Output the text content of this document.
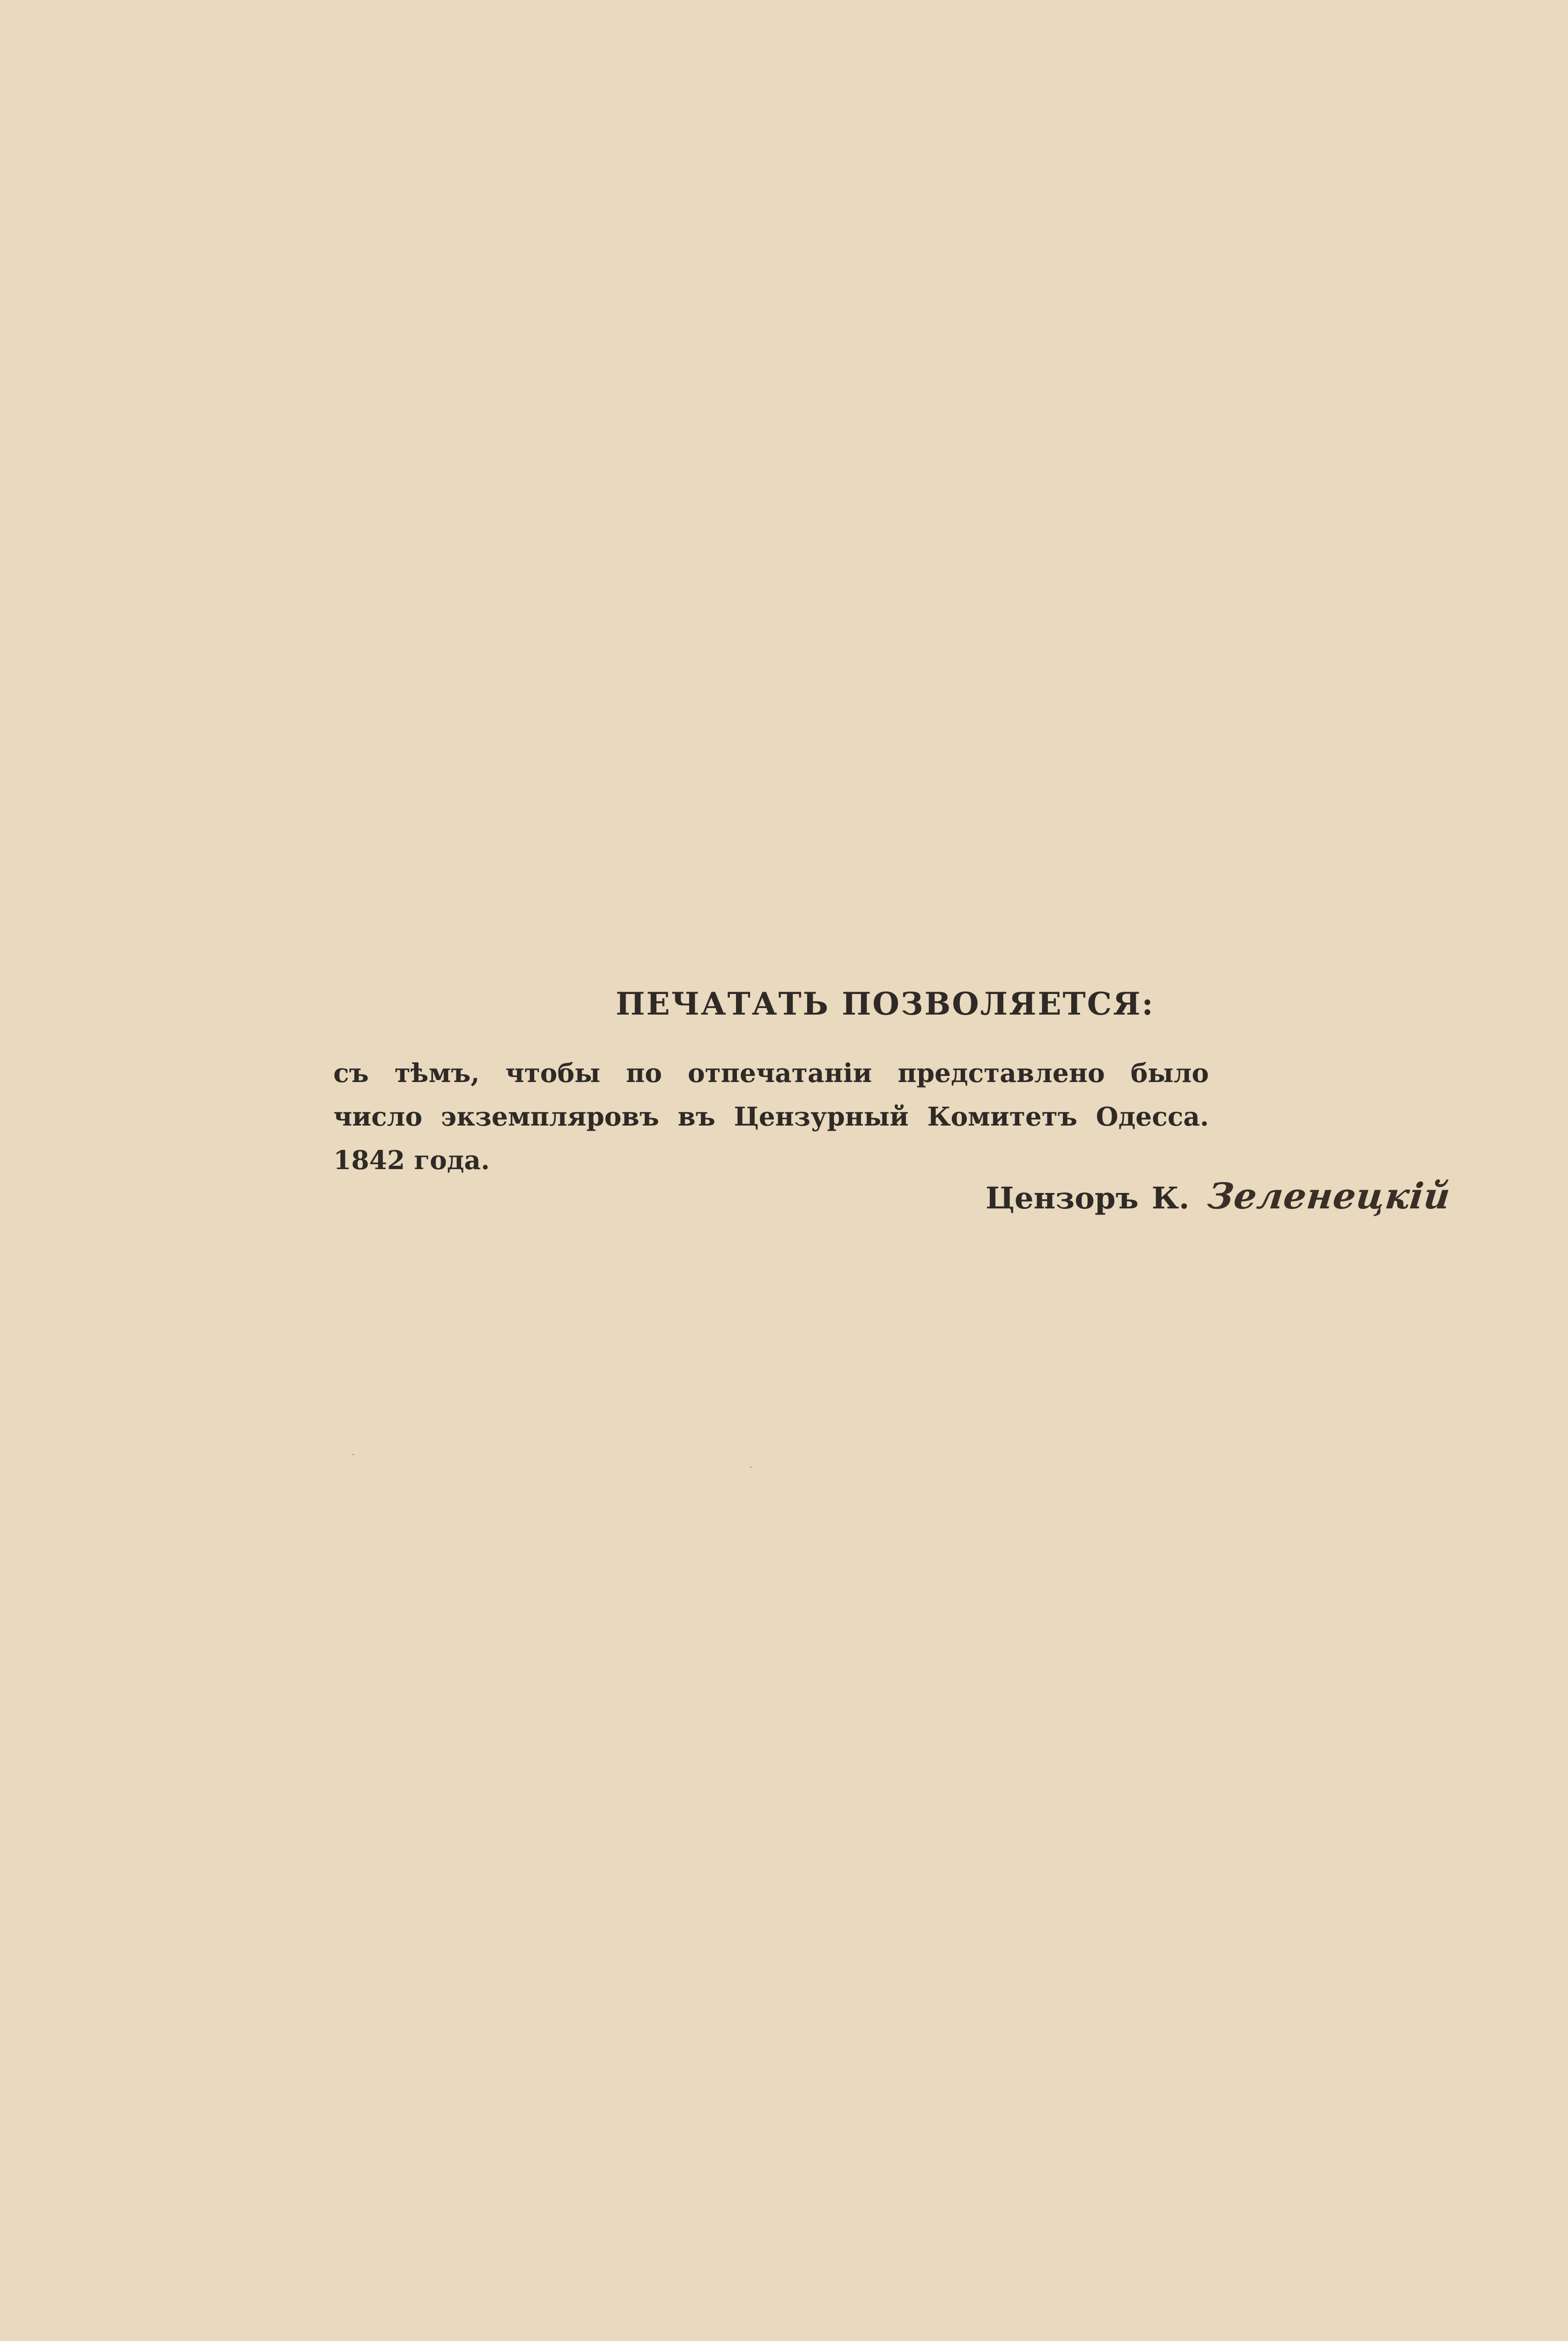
ПЕЧАТАТЬ ПОЗВОЛЯЕТСЯ:
съ тѣмъ, чтобы по отпечатаніи представлено было
число экземпляровъ въ Цензурный Комитетъ Одесса.
1842 года.
Цензоръ К. Зеленецкій
